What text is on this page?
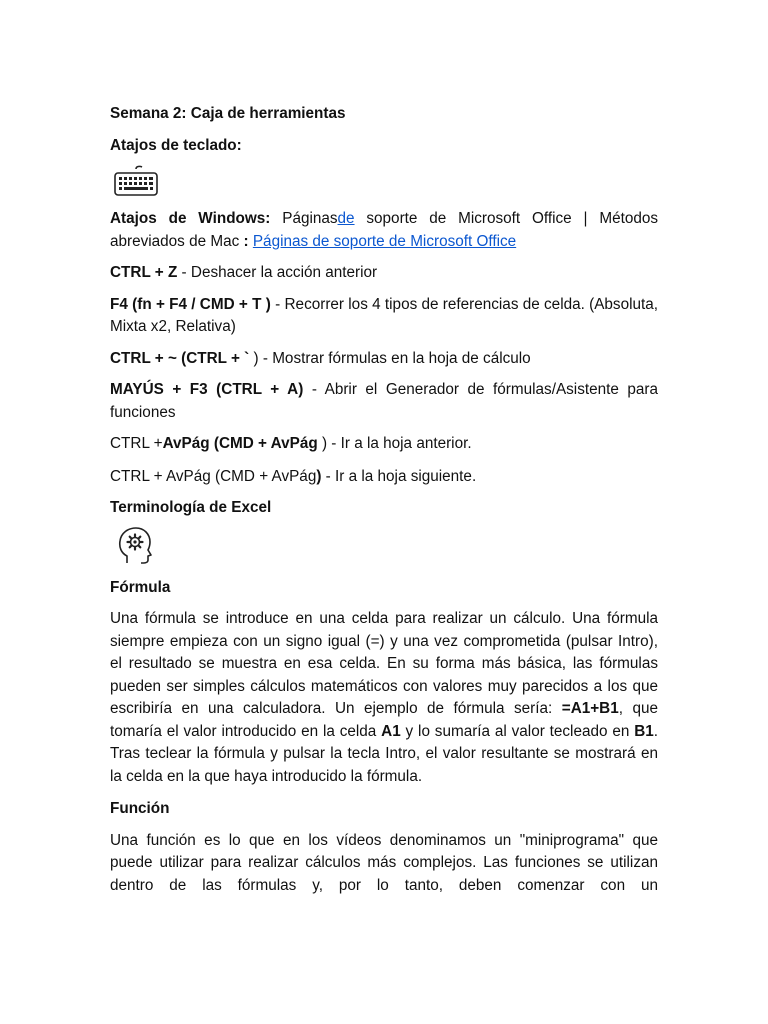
Semana 2: Caja de herramientas

Atajos de teclado:

Atajos de Windows: Páginasde soporte de Microsoft Office | Métodos abreviados de Mac : Páginas de soporte de Microsoft Office

CTRL + Z - Deshacer la acción anterior

F4 (fn + F4 / CMD + T ) - Recorrer los 4 tipos de referencias de celda. (Absoluta, Mixta x2, Relativa)

CTRL + ~ (CTRL + ` ) - Mostrar fórmulas en la hoja de cálculo

MAYÚS + F3 (CTRL + A) - Abrir el Generador de fórmulas/Asistente para funciones

CTRL +AvPág (CMD + AvPág ) - Ir a la hoja anterior.

CTRL + AvPág (CMD + AvPág) - Ir a la hoja siguiente.

Terminología de Excel

Fórmula

Una fórmula se introduce en una celda para realizar un cálculo. Una fórmula siempre empieza con un signo igual (=) y una vez comprometida (pulsar Intro), el resultado se muestra en esa celda. En su forma más básica, las fórmulas pueden ser simples cálculos matemáticos con valores muy parecidos a los que escribiría en una calculadora. Un ejemplo de fórmula sería: =A1+B1, que tomaría el valor introducido en la celda A1 y lo sumaría al valor tecleado en B1. Tras teclear la fórmula y pulsar la tecla Intro, el valor resultante se mostrará en la celda en la que haya introducido la fórmula.

Función

Una función es lo que en los vídeos denominamos un "miniprograma" que puede utilizar para realizar cálculos más complejos. Las funciones se utilizan dentro de las fórmulas y, por lo tanto, deben comenzar con un
